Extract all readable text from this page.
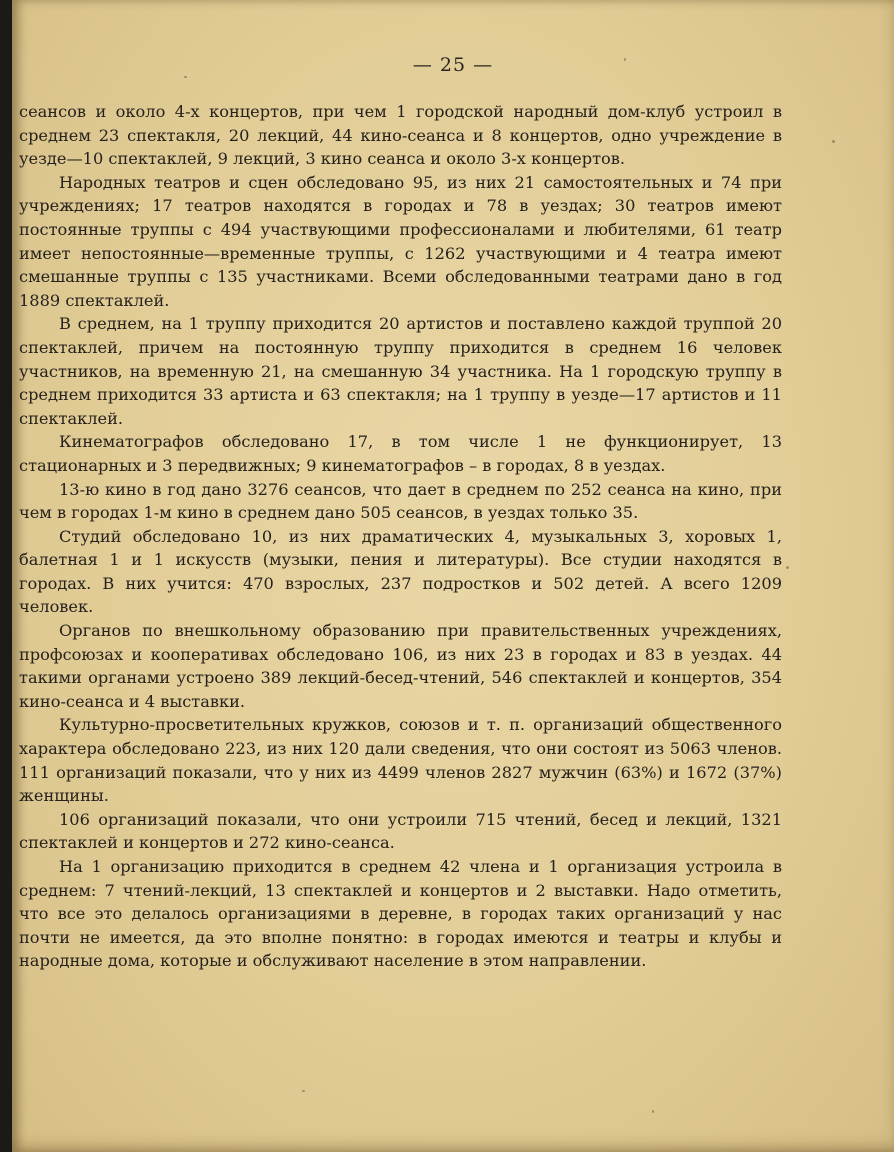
— 25 —

сеансов и около 4-х концертов, при чем 1 городской народный дом-клуб устроил в среднем 23 спектакля, 20 лекций, 44 кино-сеанса и 8 концертов, одно учреждение в уезде—10 спектаклей, 9 лекций, 3 кино сеанса и около 3-х концертов.

Народных театров и сцен обследовано 95, из них 21 самостоятельных и 74 при учреждениях; 17 театров находятся в городах и 78 в уездах; 30 театров имеют постоянные труппы с 494 участвующими профессионалами и любителями, 61 театр имеет непостоянные—временные труппы, с 1262 участвующими и 4 театра имеют смешанные труппы с 135 участниками. Всеми обследованными театрами дано в год 1889 спектаклей.

В среднем, на 1 труппу приходится 20 артистов и поставлено каждой труппой 20 спектаклей, причем на постоянную труппу приходится в среднем 16 человек участников, на временную 21, на смешанную 34 участника. На 1 городскую труппу в среднем приходится 33 артиста и 63 спектакля; на 1 труппу в уезде—17 артистов и 11 спектаклей.

Кинематографов обследовано 17, в том числе 1 не функционирует, 13 стационарных и 3 передвижных; 9 кинематографов – в городах, 8 в уездах.

13-ю кино в год дано 3276 сеансов, что дает в среднем по 252 сеанса на кино, при чем в городах 1-м кино в среднем дано 505 сеансов, в уездах только 35.

Студий обследовано 10, из них драматических 4, музыкальных 3, хоровых 1, балетная 1 и 1 искусств (музыки, пения и литературы). Все студии находятся в городах. В них учится: 470 взрослых, 237 подростков и 502 детей. А всего 1209 человек.

Органов по внешкольному образованию при правительственных учреждениях, профсоюзах и кооперативах обследовано 106, из них 23 в городах и 83 в уездах. 44 такими органами устроено 389 лекций-бесед-чтений, 546 спектаклей и концертов, 354 кино-сеанса и 4 выставки.

Культурно-просветительных кружков, союзов и т. п. организаций общественного характера обследовано 223, из них 120 дали сведения, что они состоят из 5063 членов. 111 организаций показали, что у них из 4499 членов 2827 мужчин (63%) и 1672 (37%) женщины.

106 организаций показали, что они устроили 715 чтений, бесед и лекций, 1321 спектаклей и концертов и 272 кино-сеанса.

На 1 организацию приходится в среднем 42 члена и 1 организация устроила в среднем: 7 чтений-лекций, 13 спектаклей и концертов и 2 выставки. Надо отметить, что все это делалось организациями в деревне, в городах таких организаций у нас почти не имеется, да это вполне понятно: в городах имеются и театры и клубы и народные дома, которые и обслуживают население в этом направлении.
